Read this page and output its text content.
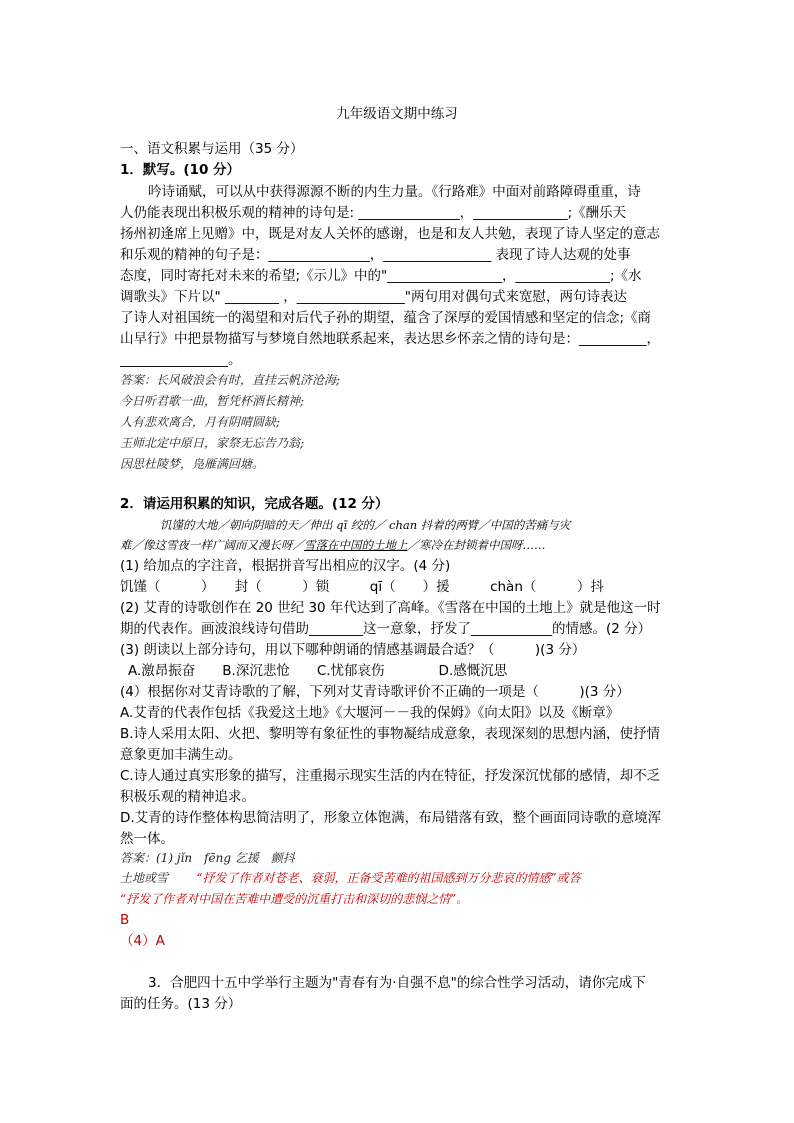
九年级语文期中练习
一、语文积累与运用（35 分）
1．默写。(10 分）
吟诗诵赋，可以从中获得源源不断的内生力量。《行路难》中面对前路障碍重重，诗
人仍能表现出积极乐观的精神的诗句是: _______________，______________;《酬乐天
扬州初逢席上见赠》中，既是对友人关怀的感谢，也是和友人共勉，表现了诗人坚定的意志
和乐观的精神的句子是：_______________，________________ 表现了诗人达观的处事
态度，同时寄托对未来的希望;《示儿》中的"_________________，______________;《水
调歌头》下片以" ________ ，________________"两句用对偶句式来宽慰，两句诗表达
了诗人对祖国统一的渴望和对后代子孙的期望，蕴含了深厚的爱国情感和坚定的信念;《商
山早行》中把景物描写与梦境自然地联系起来，表达思乡怀亲之情的诗句是：__________，
________________。
答案：长风破浪会有时，直挂云帆济沧海;
今日听君歌一曲，暂凭杯酒长精神;
人有悲欢离合，月有阴晴圆缺;
王师北定中原日，家祭无忘告乃翁;
因思杜陵梦，凫雁满回塘。
2．请运用积累的知识，完成各题。(12 分）
饥馑的大地／朝向阴暗的天／伸出 qī 绞的／ chan 抖着的两臂／中国的苦痛与灾
难／像这雪夜一样广阔而又漫长呀／雪落在中国的土地上／寒冷在封锁着中国呀……
(1) 给加点的字注音，根据拼音写出相应的汉字。(4 分)
饥馑（　　　）　　封（　　　）锁　　　qī（　　）援　　　chàn（　　　）抖
(2) 艾青的诗歌创作在 20 世纪 30 年代达到了高峰。《雪落在中国的土地上》就是他这一时
期的代表作。画波浪线诗句借助________这一意象，抒发了____________的情感。(2 分）
(3) 朗读以上部分诗句，用以下哪种朗诵的情感基调最合适？（　　　)(3 分）
A.激昂振奋　　B.深沉悲怆　　C.忧郁哀伤　　　　D.感慨沉思
(4）根据你对艾青诗歌的了解，下列对艾青诗歌评价不正确的一项是（　　　)(3 分）
A.艾青的代表作包括《我爱这土地》《大堰河－－我的保姆》《向太阳》以及《断章》
B.诗人采用太阳、火把、黎明等有象征性的事物凝结成意象，表现深刻的思想内涵，使抒情
意象更加丰满生动。
C.诗人通过真实形象的描写，注重揭示现实生活的内在特征，抒发深沉忧郁的感情，却不乏
积极乐观的精神追求。
D.艾青的诗作整体构思简洁明了，形象立体饱满，布局错落有致，整个画面同诗歌的意境浑
然一体。
答案：(1) jǐn　fēng 乞援　颤抖
土地或雪 “抒发了作者对苍老、衰弱，正备受苦难的祖国感到万分悲哀的情感”或答
“抒发了作者对中国在苦难中遭受的沉重打击和深切的悲悯之情”。
B
（4）A
3．合肥四十五中学举行主题为"青春有为·自强不息"的综合性学习活动，请你完成下
面的任务。(13 分）
